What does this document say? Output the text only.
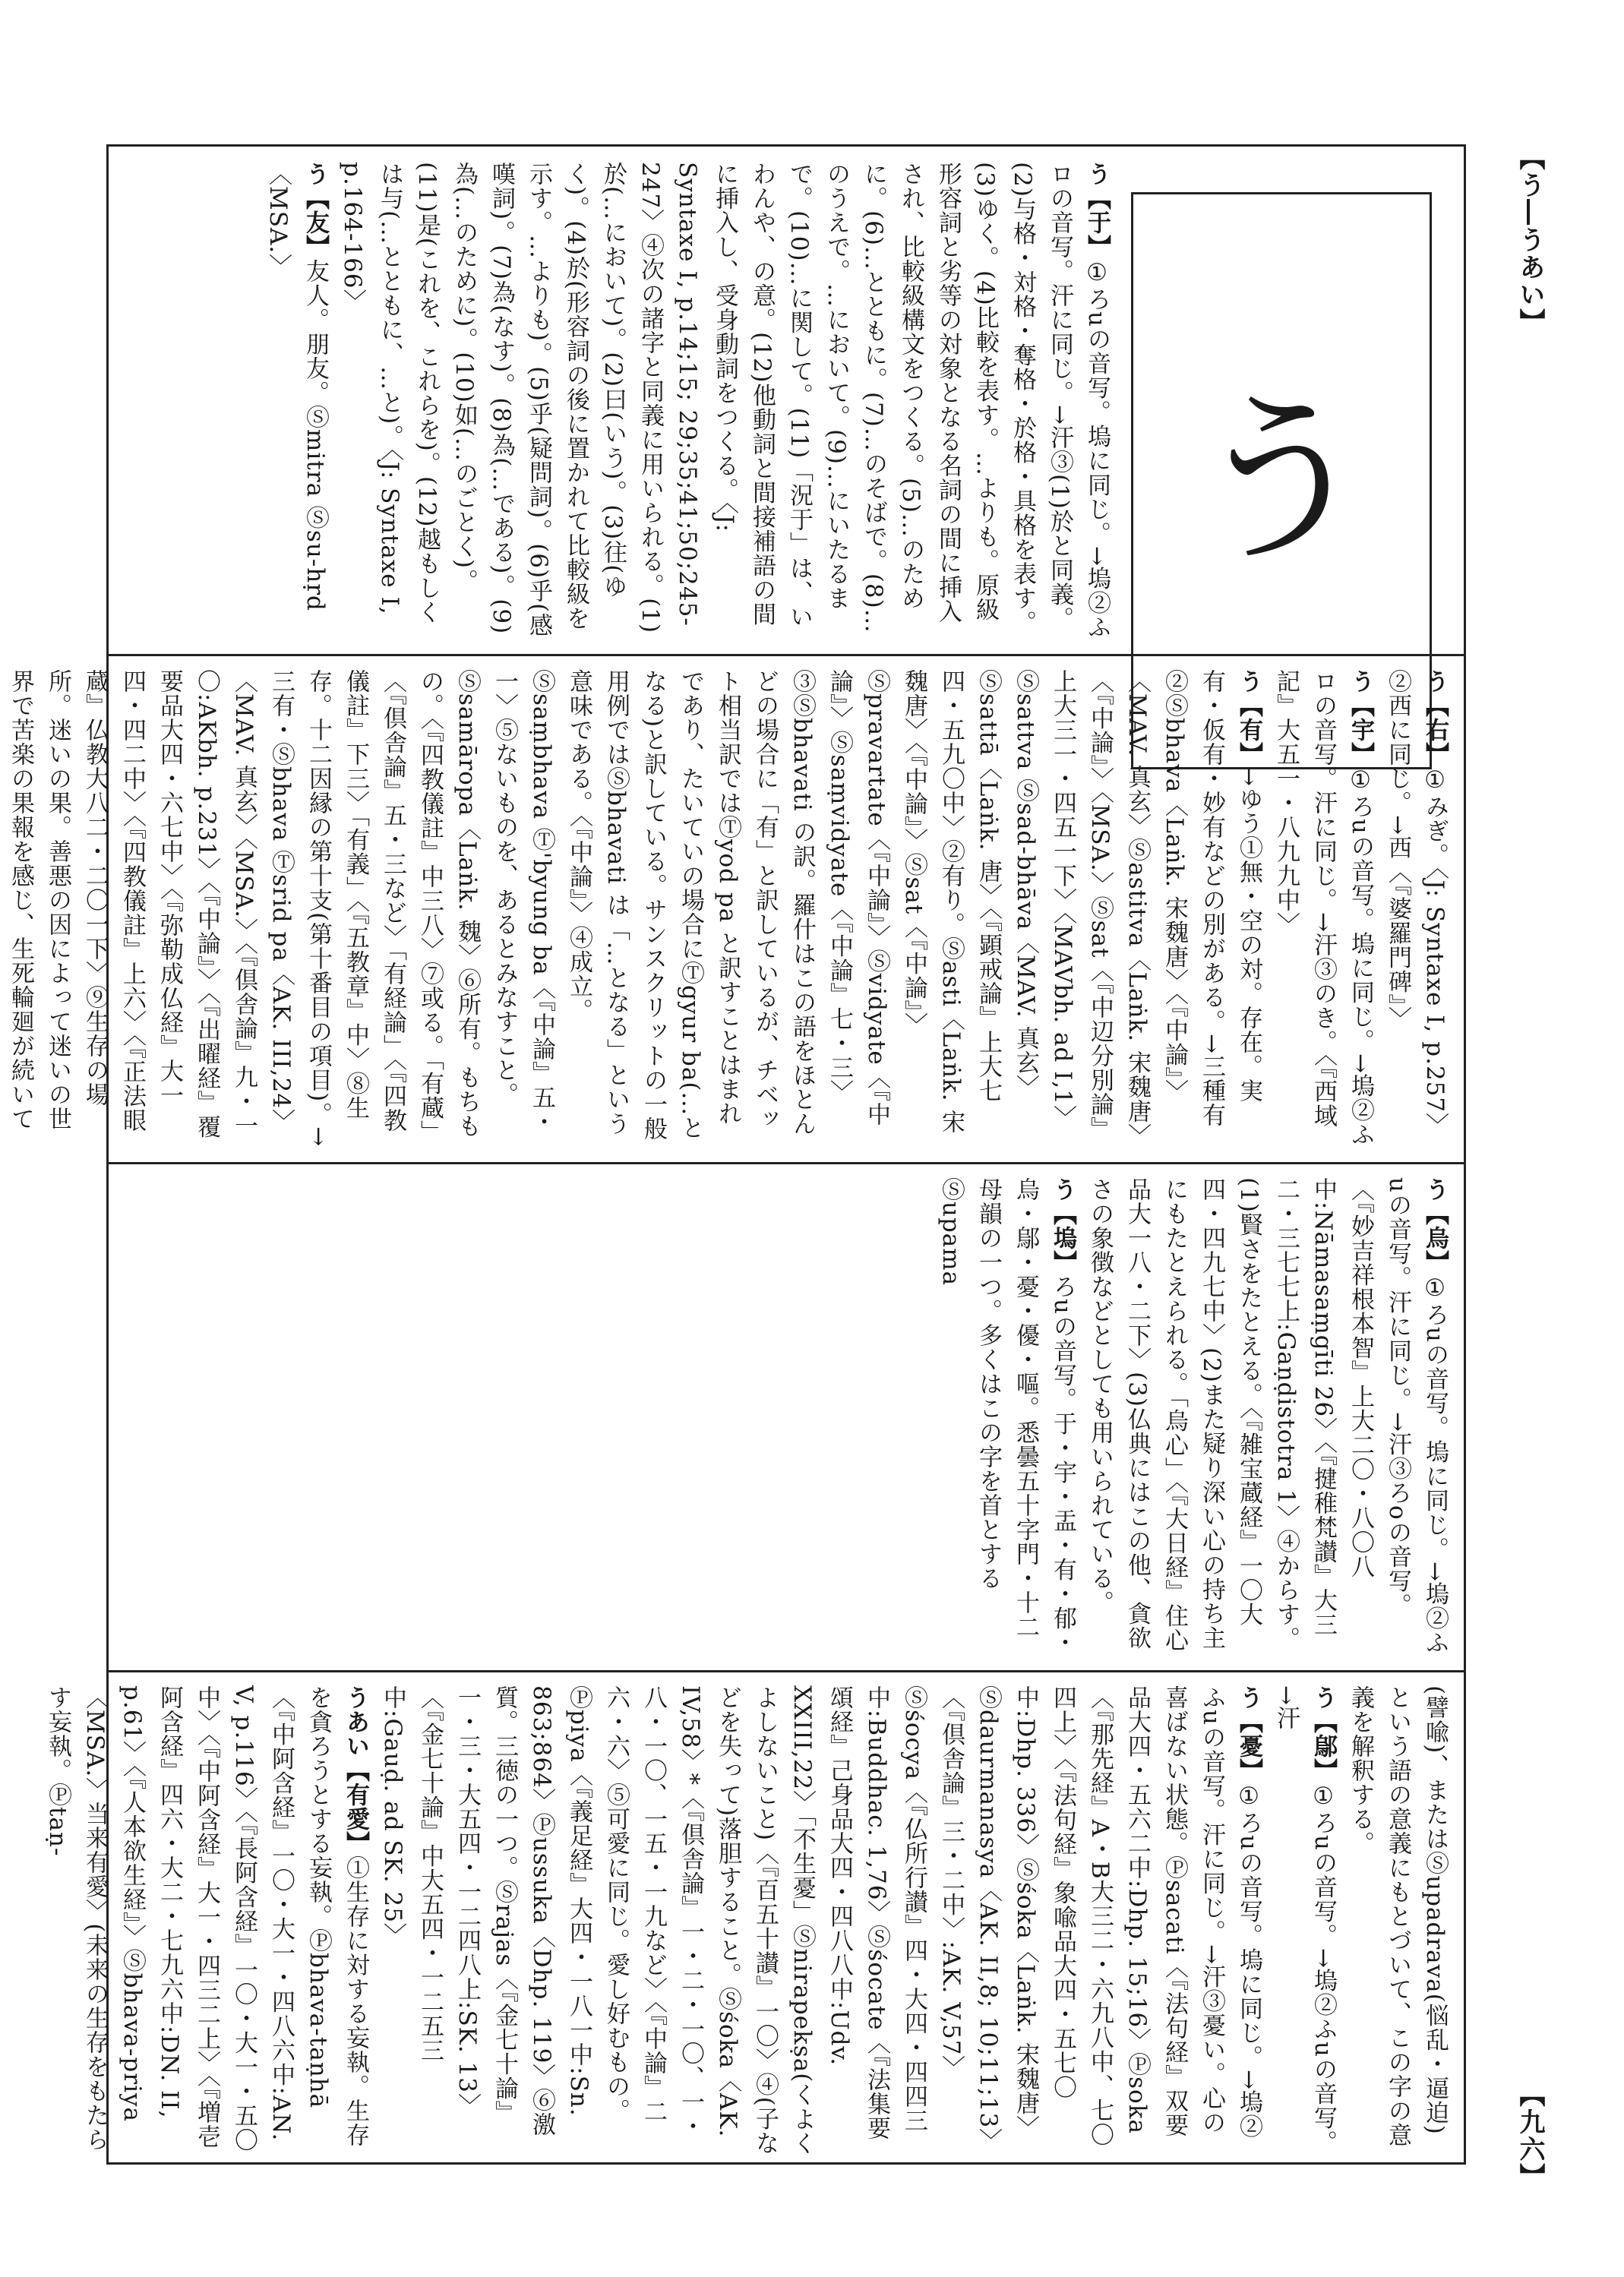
【う―うあい】
う
う【于】①ろuの音写。塢に同じ。→塢②ふロの音写。汗に同じ。→汗③(1)於と同義。(2)与格・対格・奪格・於格・具格を表す。(3)ゆく。(4)比較を表す。…よりも。原級形容詞と劣等の対象となる名詞の間に挿入され、比較級構文をつくる。(5)…のために。(6)…とともに。(7)…のそばで。(8)…のうえで。…において。(9)…にいたるまで。(10)…に関して。(11)「況于」は、いわんや、の意。(12)他動詞と間接補語の間に挿入し、受身動詞をつくる。〈J: Syntaxe I, p.14;15; 29;35;41;50;245-247〉④次の諸字と同義に用いられる。(1)於(…において)。(2)曰(いう)。(3)往(ゆく)。(4)於(形容詞の後に置かれて比較級を示す。…よりも)。(5)乎(疑問詞)。(6)乎(感嘆詞)。(7)為(なす)。(8)為(…である)。(9)為(…のために)。(10)如(…のごとく)。(11)是(これを、これらを)。(12)越もしくは与(…とともに、…と)。〈J: Syntaxe I, p.164-166〉
う【友】友人。朋友。Ⓢmitra Ⓢsu-hṛd〈MSA.〉
う【右】①みぎ。〈J: Syntaxe I, p.257〉②西に同じ。→西〈『婆羅門碑』〉
う【宇】①ろuの音写。塢に同じ。→塢②ふロの音写。汗に同じ。→汗③のき。〈『西域記』大五一・八九九中〉
う【有】→ゆう①無・空の対。存在。実有・仮有・妙有などの別がある。→三種有②Ⓢbhava〈Laṅk. 宋魏唐〉〈『中論』〉〈MAV. 真玄〉Ⓢastitva〈Laṅk. 宋魏唐〉〈『中論』〉〈MSA.〉Ⓢsat〈『中辺分別論』上大三一・四五一下〉〈MAVbh. ad I,1〉Ⓢsattva Ⓢsad-bhāva〈MAV. 真玄〉Ⓢsattā〈Laṅk. 唐〉〈『顕戒論』上大七四・五九〇中〉②有り。Ⓢasti〈Laṅk. 宋魏唐〉〈『中論』〉Ⓢsat〈『中論』〉Ⓢpravartate〈『中論』〉Ⓢvidyate〈『中論』〉Ⓢsaṃvidyate〈『中論』七・三〉③Ⓢbhavati の訳。羅什はこの語をほとんどの場合に「有」と訳しているが、チベット相当訳ではⓉyod pa と訳すことはまれであり、たいていの場合にⓉgyur ba(…となる)と訳している。サンスクリットの一般用例ではⓈbhavati は「…となる」という意味である。〈『中論』〉④成立。Ⓢsaṃbhava Ⓣ'byung ba〈『中論』五・一〉⑤ないものを、あるとみなすこと。Ⓢsamāropa〈Laṅk. 魏〉⑥所有。もちもの。〈『四教儀註』中三八〉⑦或る。「有蔵」〈『倶舎論』五・三など〉「有経論」〈『四教儀註』下三〉「有義」〈『五教章』中〉⑧生存。十二因縁の第十支(第十番目の項目)。→三有・Ⓢbhava Ⓣsrid pa〈AK. III,24〉〈MAV. 真玄〉〈MSA.〉〈『倶舎論』九・一〇:AKbh. p.231〉〈『中論』〉〈『出曜経』覆要品大四・六七中〉〈『弥勒成仏経』大一四・四二中〉〈『四教儀註』上六〉〈『正法眼蔵』仏教大八二・二〇一下〉⑨生存の場所。迷いの果。善悪の因によって迷いの世界で苦楽の果報を感じ、生死輪廻が続いて
う【烏】①ろuの音写。塢に同じ。→塢②ふuの音写。汗に同じ。→汗③ろoの音写。〈『妙吉祥根本智』上大二〇・八〇八中:Nāmasaṃgīti 26〉〈『揵稚梵讃』大三二・三七七上:Gaṇḍistotra 1〉④からす。(1)賢さをたとえる。〈『雑宝蔵経』一〇大四・四九七中〉(2)また疑り深い心の持ち主にもたとえられる。「烏心」〈『大日経』住心品大一八・二下〉(3)仏典にはこの他、貪欲さの象徴などとしても用いられている。
う【塢】ろuの音写。于・宇・盂・有・郁・烏・鄔・憂・優・嘔。悉曇五十字門・十二母韻の一つ。多くはこの字を首とするⓈupama
(譬喩)、またはⓈupadrava(悩乱・逼迫)という語の意義にもとづいて、この字の意義を解釈する。
う【鄔】①ろuの音写。→塢②ふuの音写。→汗
う【憂】①ろuの音写。塢に同じ。→塢②ふuの音写。汗に同じ。→汗③憂い。心の喜ばない状態。Ⓟsacati〈『法句経』双要品大四・五六二中:Dhp. 15;16〉Ⓟsoka〈『那先経』A・B大三二・六九八中、七〇四上〉〈『法句経』象喩品大四・五七〇中:Dhp. 336〉Ⓢśoka〈Laṅk. 宋魏唐〉Ⓢdaurmanasya〈AK. II,8; 10;11;13〉〈『倶舎論』三・二中〉:AK. V,57〉Ⓢśocya〈『仏所行讃』四・大四・四四三中:Buddhac. 1,76〉Ⓢśocate〈『法集要頌経』己身品大四・四八八中:Udv. XXIII,22〉「不生憂」Ⓢnirapekṣa(くよくよしないこと)〈『百五十讃』一〇〉④(子などを失って)落胆すること。Ⓢśoka〈AK. IV,58〉*〈『倶舎論』一・二・一〇、一・八・一〇、一五・一九など〉〈『中論』二六・六〉⑤可愛に同じ。愛し好むもの。Ⓟpiya〈『義足経』大四・一八一中:Sn. 863;864〉Ⓟussuka〈Dhp. 119〉⑥激質。三徳の一つ。Ⓢrajas〈『金七十論』一・三・大五四・一二四八上:SK. 13〉〈『金七十論』中大五四・一二五三中:Gauḍ. ad SK. 25〉
うあい【有愛】①生存に対する妄執。生存を貪ろうとする妄執。Ⓟbhava-taṇhā〈『中阿含経』一〇・大一・四八六中:AN. V, p.116〉〈『長阿含経』一〇・大一・五〇中〉〈『中阿含経』大一・四三二上〉〈『増壱阿含経』四六・大二・七九六中:DN. II, p.61〉〈『人本欲生経』〉Ⓢbhava-priya〈MSA.〉当来有愛〉(未来の生存をもたらす妄執。Ⓟtaṇ-
【九六】
